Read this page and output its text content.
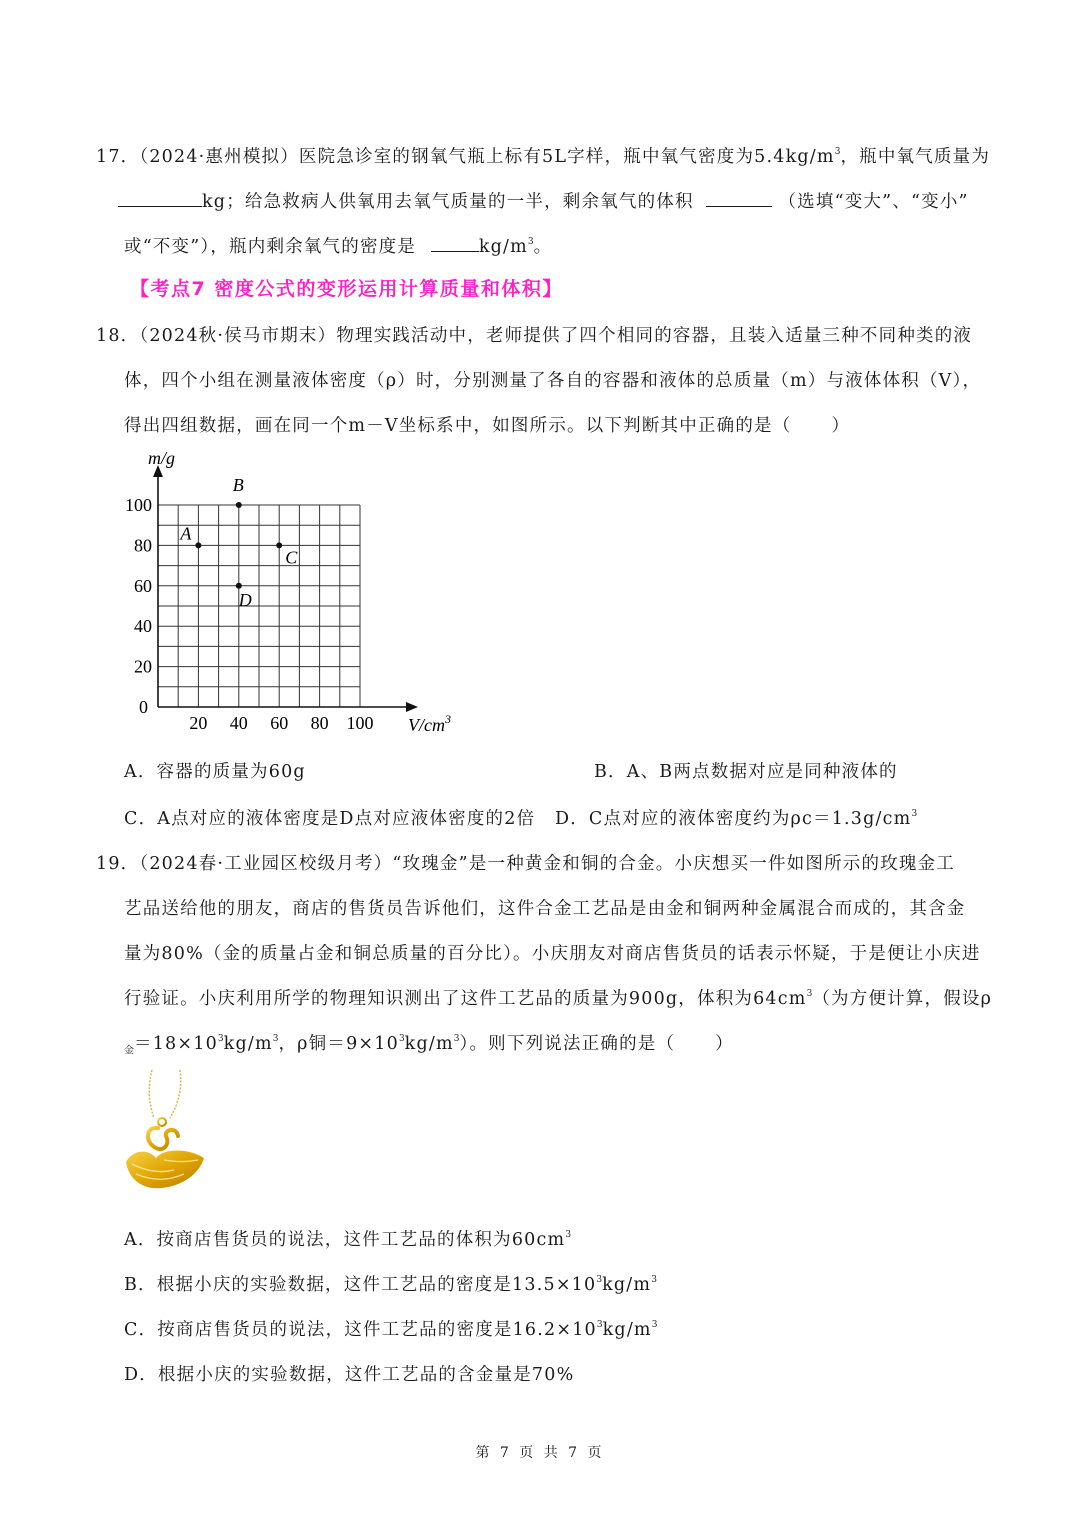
17．（2024·惠州模拟）医院急诊室的钢氧气瓶上标有5L字样，瓶中氧气密度为$5.4kg/m^3$，瓶中氧气质量为
kg；给急救病人供氧用去氧气质量的一半，剩余氧气的体积	（选填“变大”、“变小”
或“不变”），瓶内剩余氧气的密度是	$kg/m^3$。
【考点7 密度公式的变形运用计算质量和体积】
18．（2024秋·侯马市期末）物理实践活动中，老师提供了四个相同的容器，且装入适量三种不同种类的液
体，四个小组在测量液体密度（ρ）时，分别测量了各自的容器和液体的总质量（m）与液体体积（V），
得出四组数据，画在同一个m－V坐标系中，如图所示。以下判断其中正确的是（ ）
20 40 60 80 100
0
20
40
60
80
100
A
B
C
D
m/g
$V/cm^3$
A．容器的质量为60g	B．A、B两点数据对应是同种液体的
C．A点对应的液体密度是D点对应液体密度的2倍 D．C点对应的液体密度约为$\rho c=1.3g/cm^3$
19．（2024春·工业园区校级月考）“玫瑰金”是一种黄金和铜的合金。小庆想买一件如图所示的玫瑰金工
艺品送给他的朋友，商店的售货员告诉他们，这件合金工艺品是由金和铜两种金属混合而成的，其含金
量为80%（金的质量占金和铜总质量的百分比）。小庆朋友对商店售货员的话表示怀疑，于是便让小庆进
行验证。小庆利用所学的物理知识测出了这件工艺品的质量为900g，体积为$64cm^3$（为方便计算，假设ρ
$_金=18\times 10^3kg/m^3$，ρ铜$=9\times 10^3kg/m^3$）。则下列说法正确的是（ ）
A．按商店售货员的说法，这件工艺品的体积为$60cm^3$
B．根据小庆的实验数据，这件工艺品的密度是$13.5\times 10^3kg/m^3$
C．按商店售货员的说法，这件工艺品的密度是$16.2\times 10^3kg/m^3$
D．根据小庆的实验数据，这件工艺品的含金量是70%
第 7 页 共 7 页
